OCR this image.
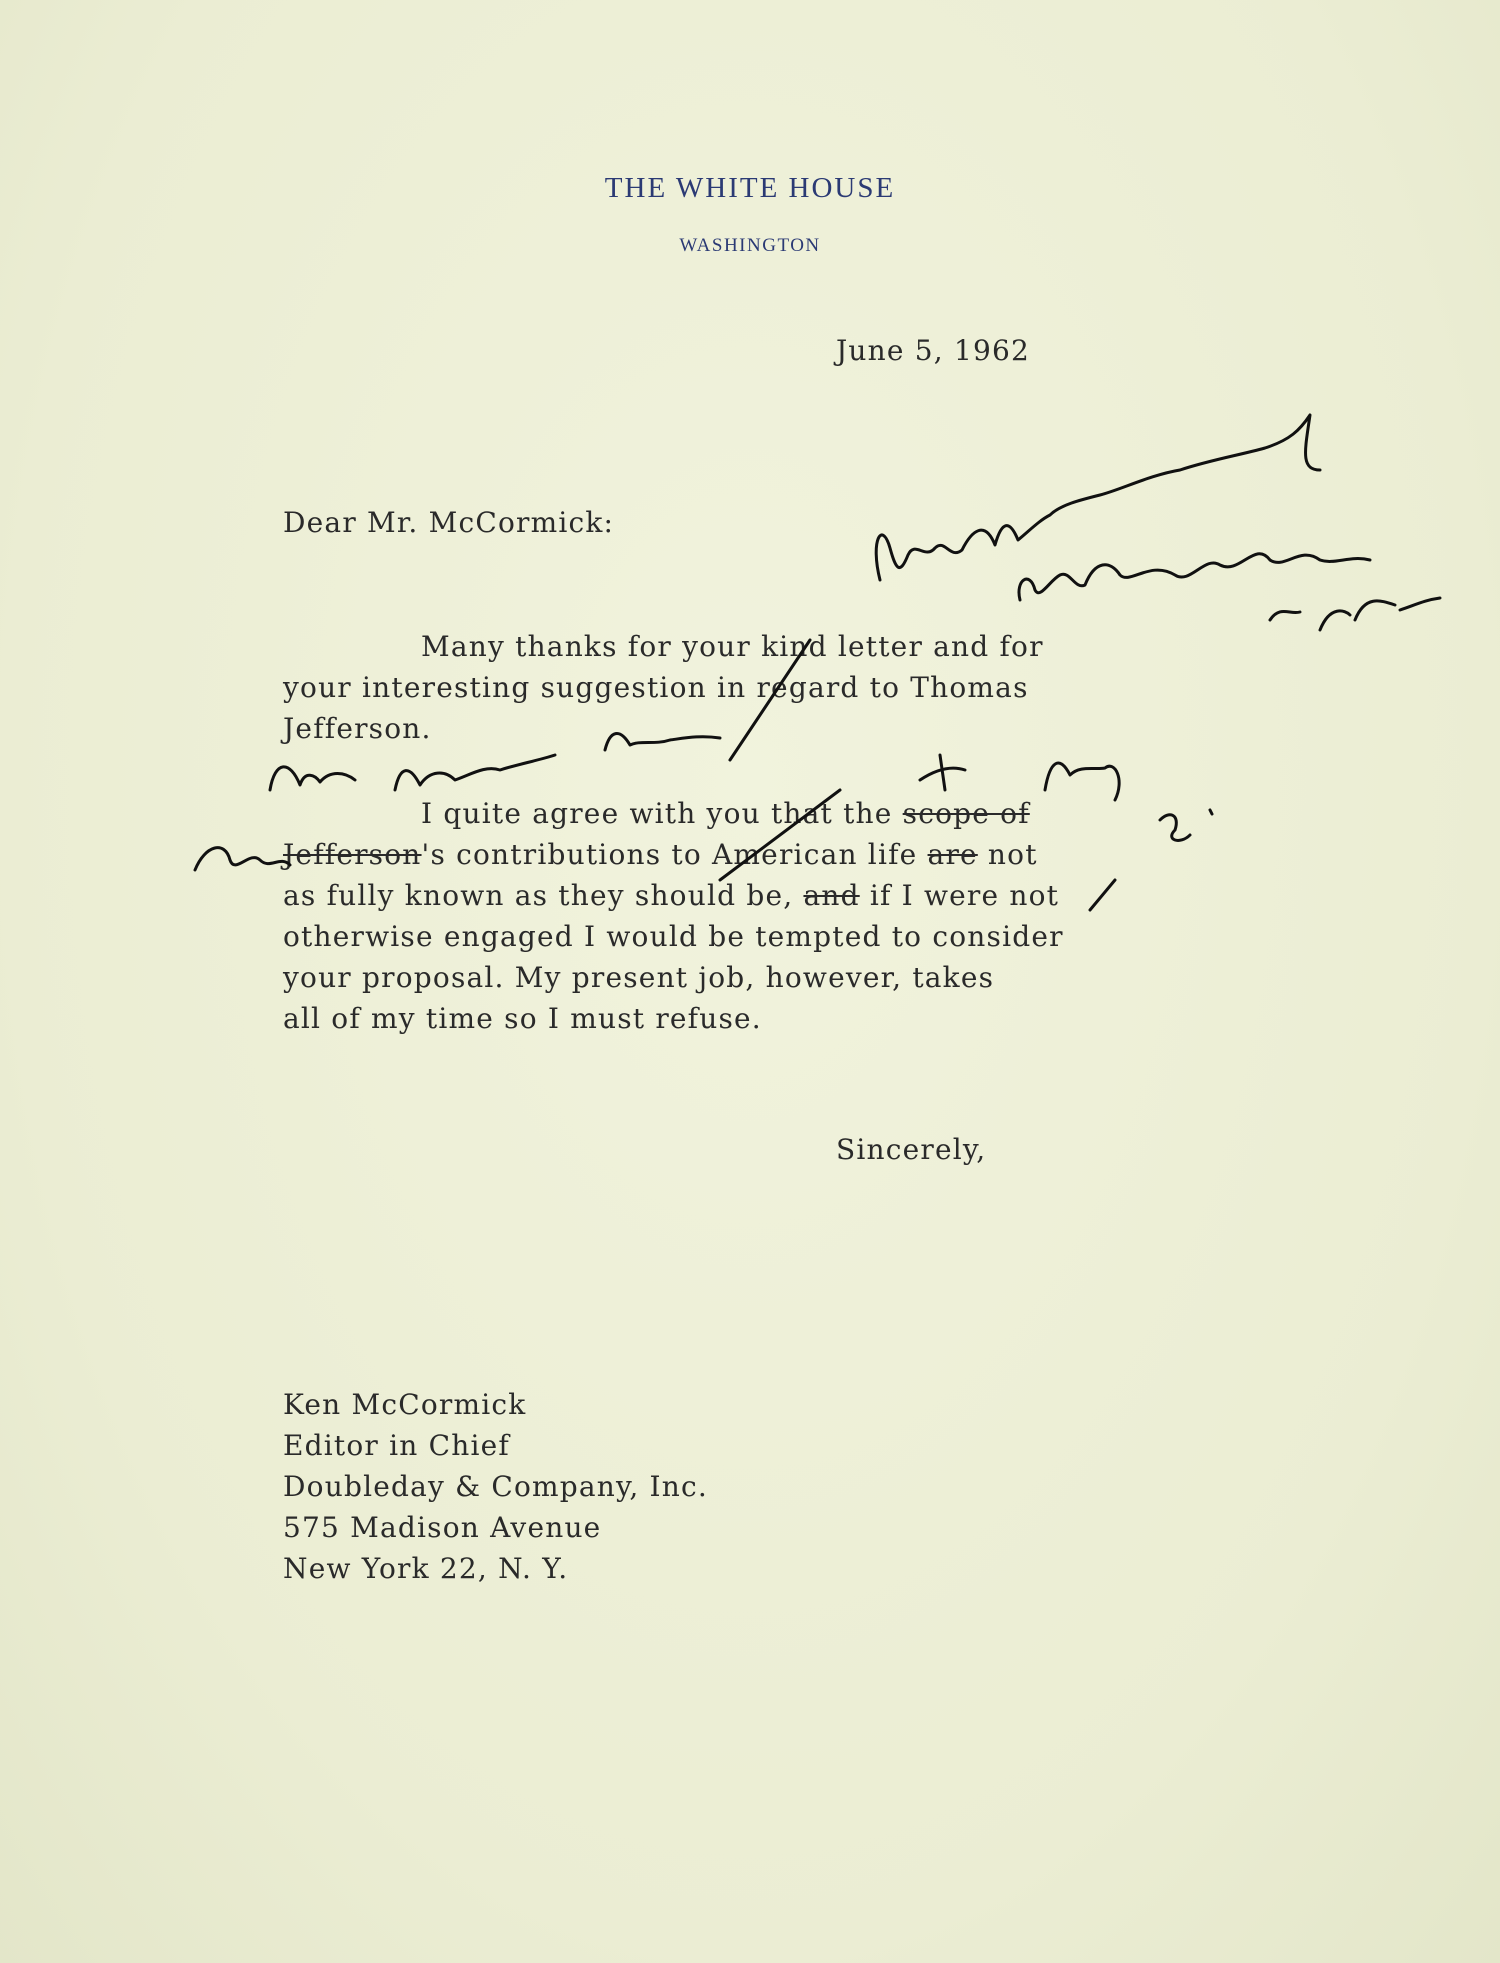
THE WHITE HOUSE
WASHINGTON

June 5, 1962

Dear Mr. McCormick:

Many thanks for your kind letter and for
your interesting suggestion in regard to Thomas
Jefferson.
I quite agree with you that the scope of
Jefferson's contributions to American life are not
as fully known as they should be, and if I were not
otherwise engaged I would be tempted to consider
your proposal. My present job, however, takes
all of my time so I must refuse.

Sincerely,

Ken McCormick
Editor in Chief
Doubleday & Company, Inc.
575 Madison Avenue
New York 22, N. Y.
